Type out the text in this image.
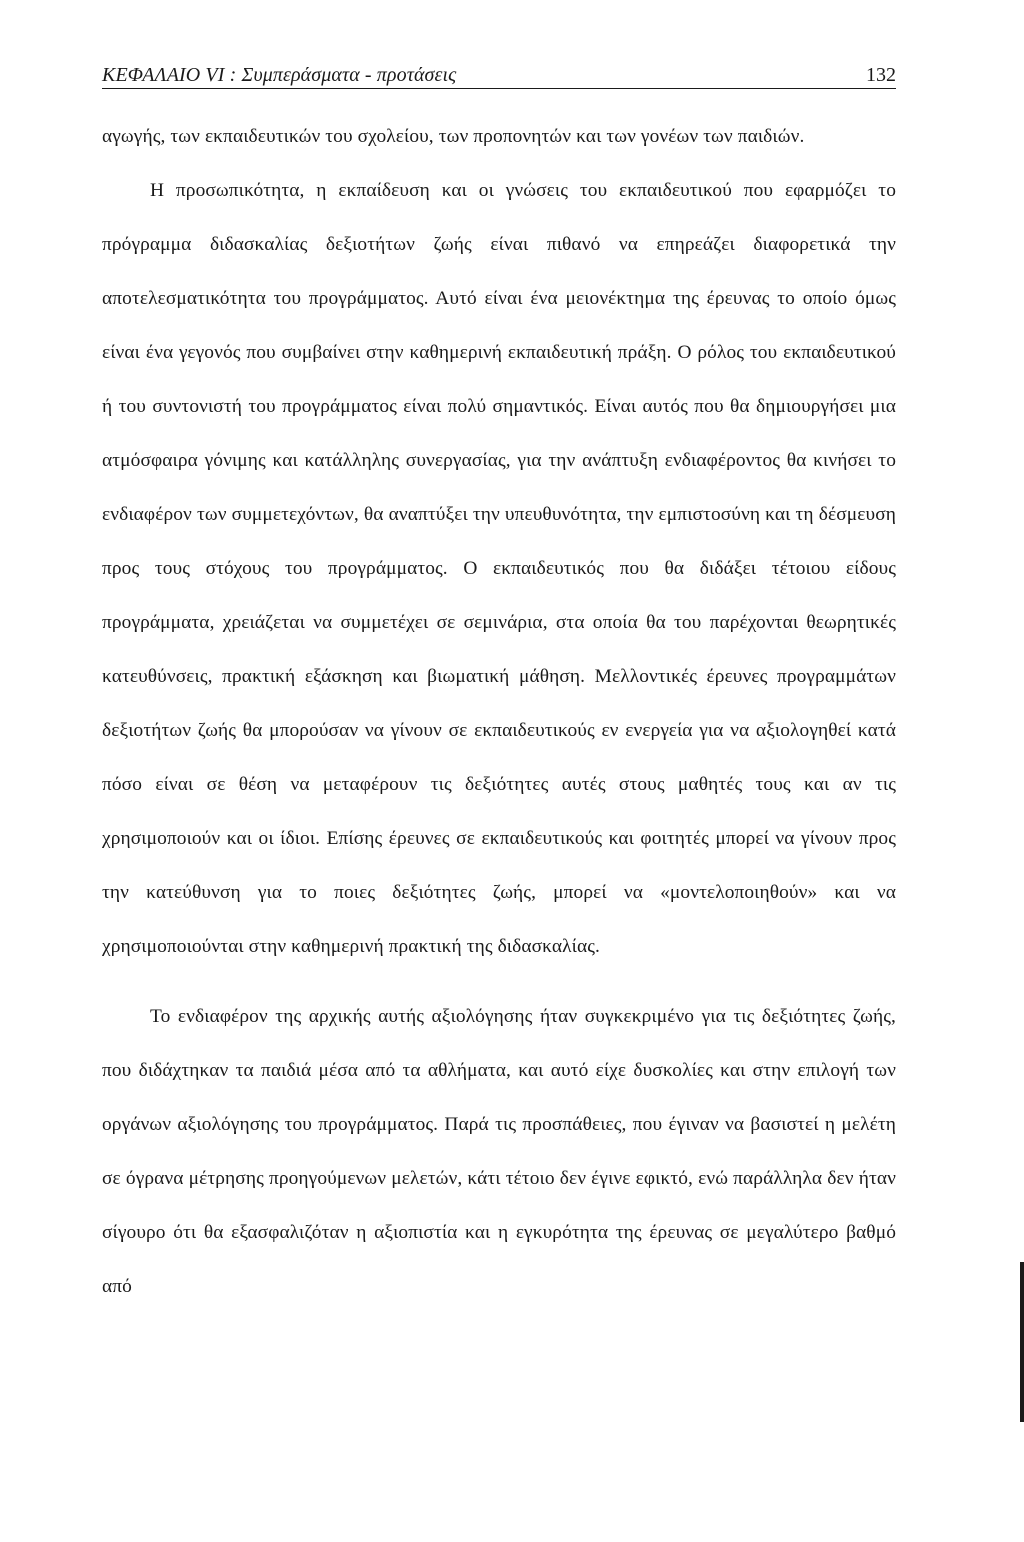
ΚΕΦΑΛΑΙΟ VI : Συμπεράσματα - προτάσεις	132

αγωγής, των εκπαιδευτικών του σχολείου, των προπονητών και των γονέων των παιδιών.

Η προσωπικότητα, η εκπαίδευση και οι γνώσεις του εκπαιδευτικού που εφαρμόζει το πρόγραμμα διδασκαλίας δεξιοτήτων ζωής είναι πιθανό να επηρεάζει διαφορετικά την αποτελεσματικότητα του προγράμματος. Αυτό είναι ένα μειονέκτημα της έρευνας το οποίο όμως είναι ένα γεγονός που συμβαίνει στην καθημερινή εκπαιδευτική πράξη. Ο ρόλος του εκπαιδευτικού ή του συντονιστή του προγράμματος είναι πολύ σημαντικός. Είναι αυτός που θα δημιουργήσει μια ατμόσφαιρα γόνιμης και κατάλληλης συνεργασίας, για την ανάπτυξη ενδιαφέροντος θα κινήσει το ενδιαφέρον των συμμετεχόντων, θα αναπτύξει την υπευθυνότητα, την εμπιστοσύνη και τη δέσμευση προς τους στόχους του προγράμματος. Ο εκπαιδευτικός που θα διδάξει τέτοιου είδους προγράμματα, χρειάζεται να συμμετέχει σε σεμινάρια, στα οποία θα του παρέχονται θεωρητικές κατευθύνσεις, πρακτική εξάσκηση και βιωματική μάθηση. Μελλοντικές έρευνες προγραμμάτων δεξιοτήτων ζωής θα μπορούσαν να γίνουν σε εκπαιδευτικούς εν ενεργεία για να αξιολογηθεί κατά πόσο είναι σε θέση να μεταφέρουν τις δεξιότητες αυτές στους μαθητές τους και αν τις χρησιμοποιούν και οι ίδιοι. Επίσης έρευνες σε εκπαιδευτικούς και φοιτητές μπορεί να γίνουν προς την κατεύθυνση για το ποιες δεξιότητες ζωής, μπορεί να «μοντελοποιηθούν» και να χρησιμοποιούνται στην καθημερινή πρακτική της διδασκαλίας.

Το ενδιαφέρον της αρχικής αυτής αξιολόγησης ήταν συγκεκριμένο για τις δεξιότητες ζωής, που διδάχτηκαν τα παιδιά μέσα από τα αθλήματα, και αυτό είχε δυσκολίες και στην επιλογή των οργάνων αξιολόγησης του προγράμματος. Παρά τις προσπάθειες, που έγιναν να βασιστεί η μελέτη σε όγρανα μέτρησης προηγούμενων μελετών, κάτι τέτοιο δεν έγινε εφικτό, ενώ παράλληλα δεν ήταν σίγουρο ότι θα εξασφαλιζόταν η αξιοπιστία και η εγκυρότητα της έρευνας σε μεγαλύτερο βαθμό από
